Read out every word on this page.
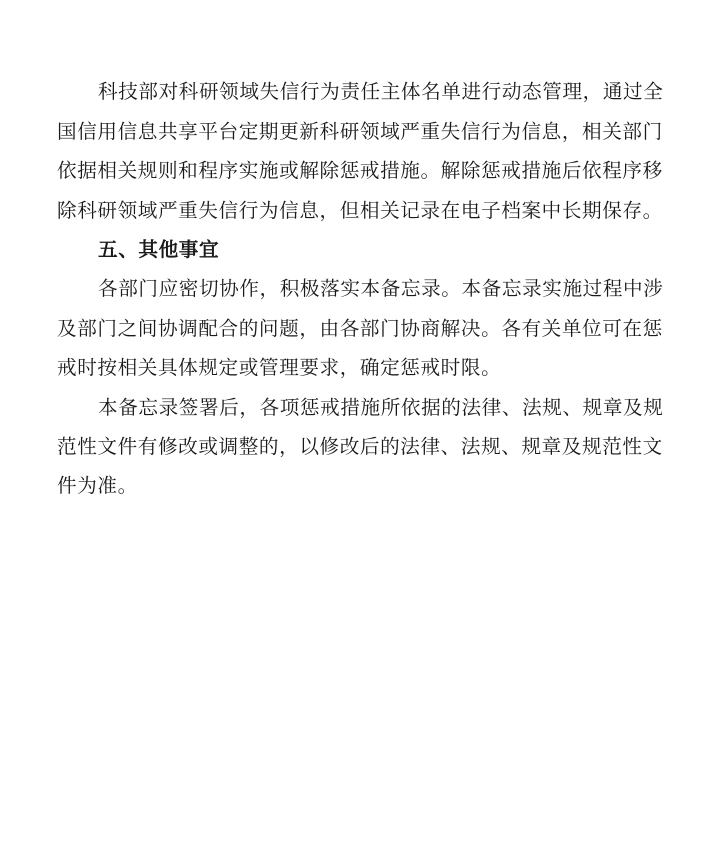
科技部对科研领域失信行为责任主体名单进行动态管理，通过全
国信用信息共享平台定期更新科研领域严重失信行为信息，相关部门
依据相关规则和程序实施或解除惩戒措施。解除惩戒措施后依程序移
除科研领域严重失信行为信息，但相关记录在电子档案中长期保存。
五、其他事宜
各部门应密切协作，积极落实本备忘录。本备忘录实施过程中涉
及部门之间协调配合的问题，由各部门协商解决。各有关单位可在惩
戒时按相关具体规定或管理要求，确定惩戒时限。
本备忘录签署后，各项惩戒措施所依据的法律、法规、规章及规
范性文件有修改或调整的，以修改后的法律、法规、规章及规范性文
件为准。
